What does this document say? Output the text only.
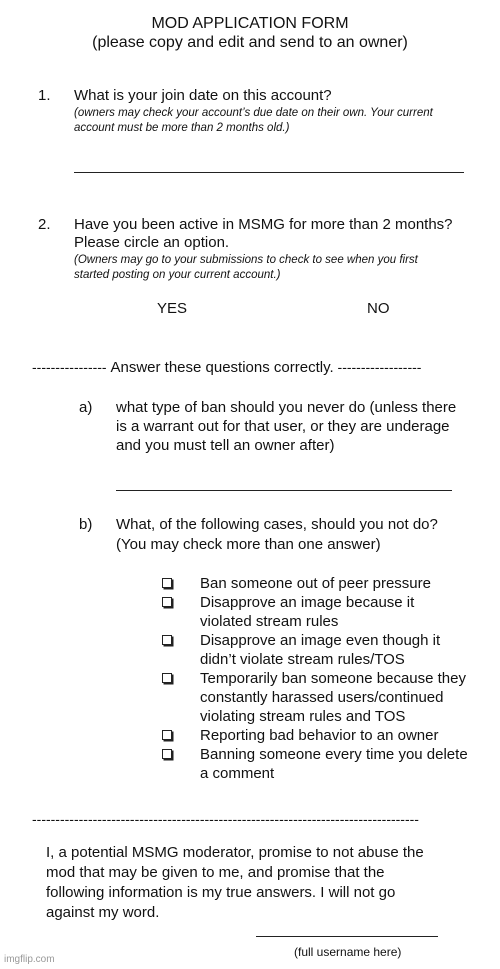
MOD APPLICATION FORM
(please copy and edit and send to an owner)
1. What is your join date on this account?
(owners may check your account’s due date on their own. Your current
account must be more than 2 months old.)
2. Have you been active in MSMG for more than 2 months?
Please circle an option.
(Owners may go to your submissions to check to see when you first
started posting on your current account.)
YES	NO
---------------- Answer these questions correctly. ------------------
a) what type of ban should you never do (unless there
is a warrant out for that user, or they are underage
and you must tell an owner after)
b) What, of the following cases, should you not do?
(You may check more than one answer)
Ban someone out of peer pressure
Disapprove an image because it
violated stream rules
Disapprove an image even though it
didn’t violate stream rules/TOS
Temporarily ban someone because they
constantly harassed users/continued
violating stream rules and TOS
Reporting bad behavior to an owner
Banning someone every time you delete
a comment
-----------------------------------------------------------------------------------
I, a potential MSMG moderator, promise to not abuse the
mod that may be given to me, and promise that the
following information is my true answers. I will not go
against my word.
(full username here)
imgflip.com
